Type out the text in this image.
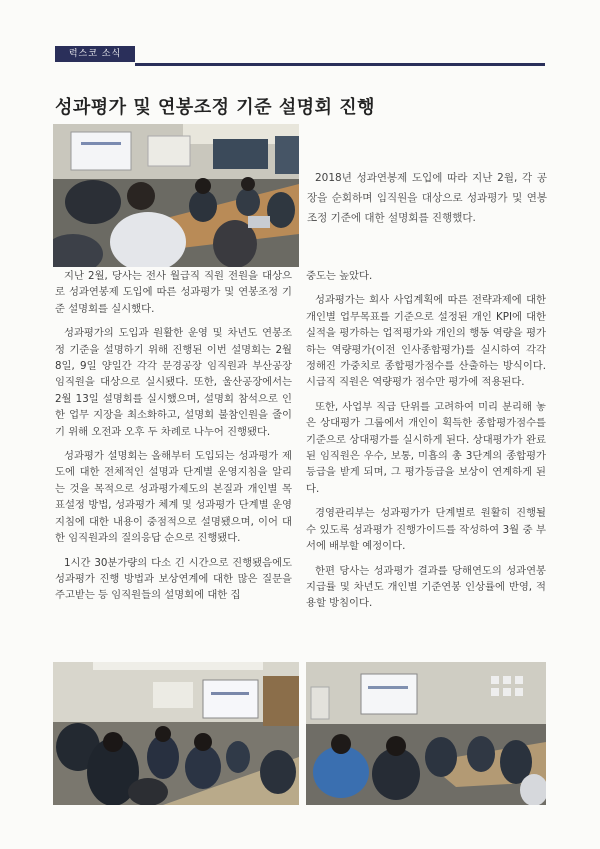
럭스코 소식
성과평가 및 연봉조정 기준 설명회 진행
2018년 성과연봉제 도입에 따라 지난 2월, 각 공장을 순회하며 임직원을 대상으로 성과평가 및 연봉조정 기준에 대한 설명회를 진행했다.

지난 2월, 당사는 전사 월급직 직원 전원을 대상으로 성과연봉제 도입에 따른 성과평가 및 연봉조정 기준 설명회를 실시했다.

성과평가의 도입과 원활한 운영 및 차년도 연봉조정 기준을 설명하기 위해 진행된 이번 설명회는 2월 8일, 9일 양일간 각각 문경공장 임직원과 부산공장 임직원을 대상으로 실시됐다. 또한, 울산공장에서는 2월 13일 설명회를 실시했으며, 설명회 참석으로 인한 업무 지장을 최소화하고, 설명회 불참인원을 줄이기 위해 오전과 오후 두 차례로 나누어 진행됐다.

성과평가 설명회는 올해부터 도입되는 성과평가 제도에 대한 전체적인 설명과 단계별 운영지침을 알리는 것을 목적으로 성과평가제도의 본질과 개인별 목표설정 방법, 성과평가 체계 및 성과평가 단계별 운영 지침에 대한 내용이 중점적으로 설명됐으며, 이어 대한 임직원과의 질의응답 순으로 진행됐다.

1시간 30분가량의 다소 긴 시간으로 진행됐음에도 성과평가 진행 방법과 보상연계에 대한 많은 질문을 주고받는 등 임직원들의 설명회에 대한 집

중도는 높았다.

성과평가는 회사 사업계획에 따른 전략과제에 대한 개인별 업무목표를 기준으로 설정된 개인 KPI에 대한 실적을 평가하는 업적평가와 개인의 행동 역량을 평가하는 역량평가(이전 인사종합평가)를 실시하여 각각 정해진 가중치로 종합평가점수를 산출하는 방식이다. 시급직 직원은 역량평가 점수만 평가에 적용된다.

또한, 사업부 직급 단위를 고려하여 미리 분리해 놓은 상대평가 그룹에서 개인이 획득한 종합평가점수를 기준으로 상대평가를 실시하게 된다. 상대평가가 완료된 임직원은 우수, 보통, 미흡의 총 3단계의 종합평가등급을 받게 되며, 그 평가등급을 보상이 연계하게 된다.

경영관리부는 성과평가가 단계별로 원활히 진행될 수 있도록 성과평가 진행가이드를 작성하여 3월 중 부서에 배부할 예정이다.

한편 당사는 성과평가 결과를 당해연도의 성과연봉 지급률 및 차년도 개인별 기준연봉 인상률에 반영, 적용할 방침이다.
